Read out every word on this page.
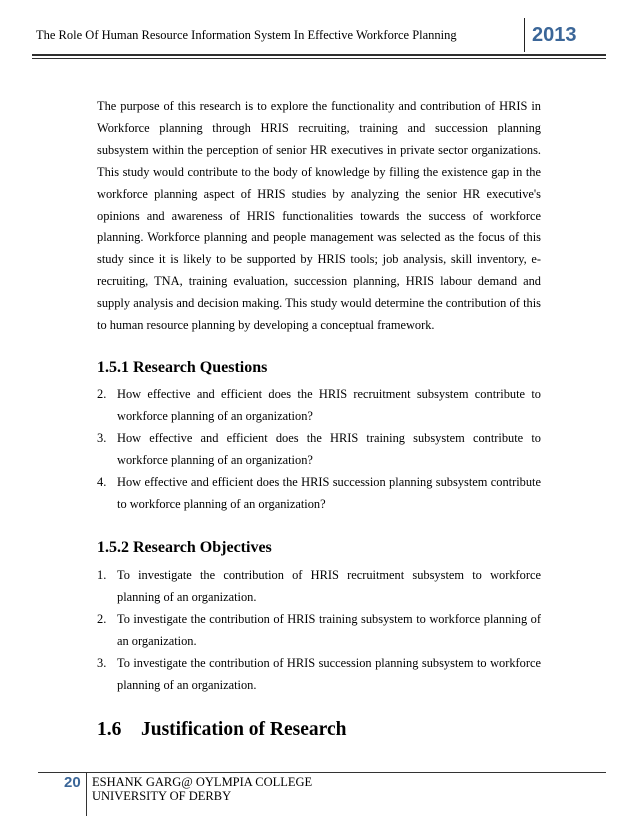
The Role Of Human Resource Information System In Effective Workforce Planning	2013

The purpose of this research is to explore the functionality and contribution of HRIS in Workforce planning through HRIS recruiting, training and succession planning subsystem within the perception of senior HR executives in private sector organizations. This study would contribute to the body of knowledge by filling the existence gap in the workforce planning aspect of HRIS studies by analyzing the senior HR executive's opinions and awareness of HRIS functionalities towards the success of workforce planning. Workforce planning and people management was selected as the focus of this study since it is likely to be supported by HRIS tools; job analysis, skill inventory, e-recruiting, TNA, training evaluation, succession planning, HRIS labour demand and supply analysis and decision making. This study would determine the contribution of this to human resource planning by developing a conceptual framework.

1.5.1 Research Questions
2. How effective and efficient does the HRIS recruitment subsystem contribute to workforce planning of an organization?
3. How effective and efficient does the HRIS training subsystem contribute to workforce planning of an organization?
4. How effective and efficient does the HRIS succession planning subsystem contribute to workforce planning of an organization?
1.5.2 Research Objectives
1. To investigate the contribution of HRIS recruitment subsystem to workforce planning of an organization.
2. To investigate the contribution of HRIS training subsystem to workforce planning of an organization.
3. To investigate the contribution of HRIS succession planning subsystem to workforce planning of an organization.
1.6 Justification of Research
20 ESHANK GARG@ OYLMPIA COLLEGE
UNIVERSITY OF DERBY
